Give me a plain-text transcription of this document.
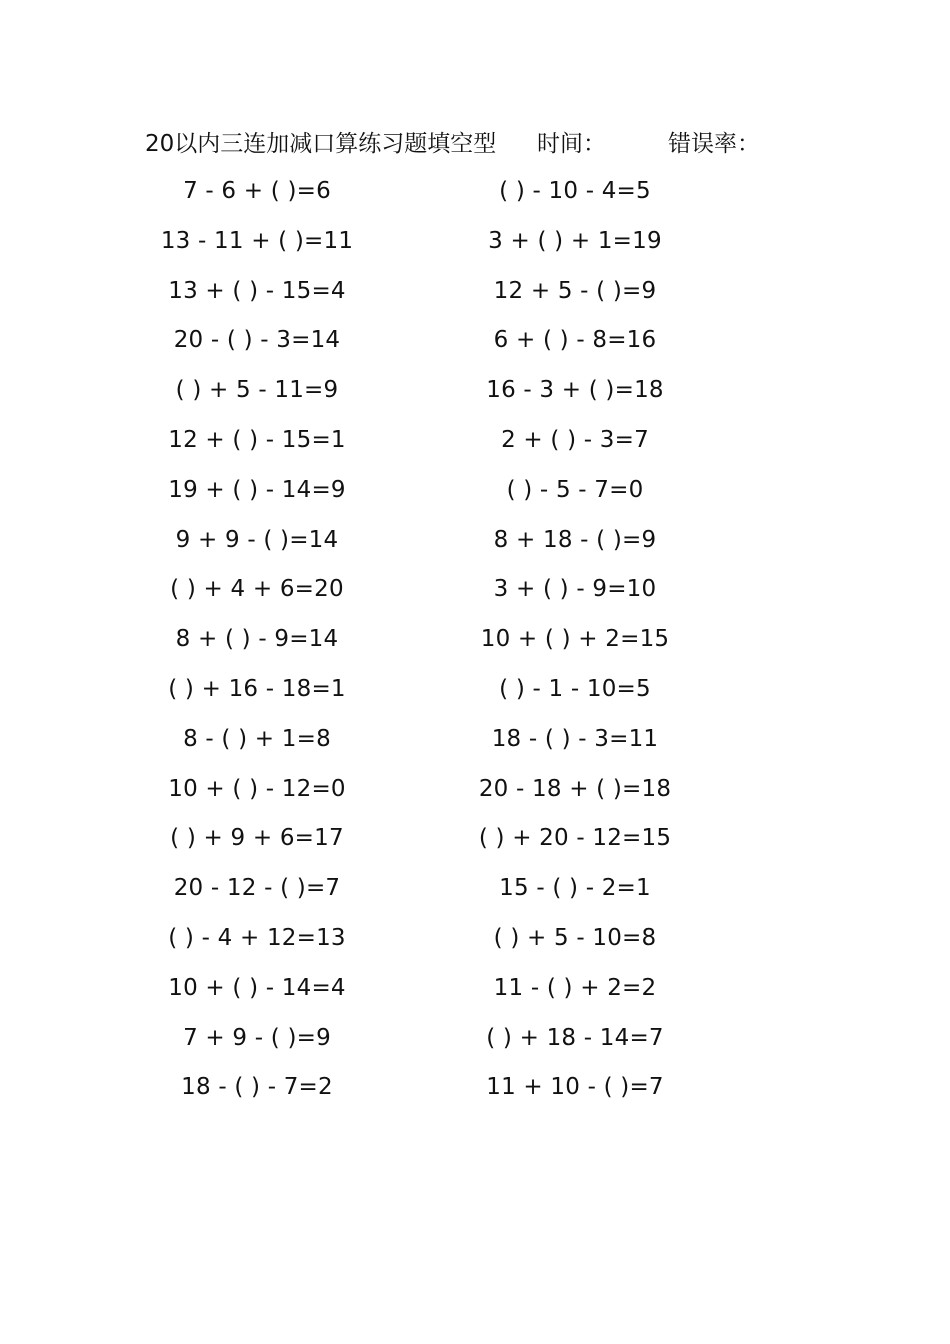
20以内三连加减口算练习题填空型 时间：	错误率：
7 - 6 + ( )=6
13 - 11 + ( )=11
13 + ( ) - 15=4
20 - ( ) - 3=14
( ) + 5 - 11=9
12 + ( ) - 15=1
19 + ( ) - 14=9
9 + 9 - ( )=14
( ) + 4 + 6=20
8 + ( ) - 9=14
( ) + 16 - 18=1
8 - ( ) + 1=8
10 + ( ) - 12=0
( ) + 9 + 6=17
20 - 12 - ( )=7
( ) - 4 + 12=13
10 + ( ) - 14=4
7 + 9 - ( )=9
18 - ( ) - 7=2
( ) - 10 - 4=5
3 + ( ) + 1=19
12 + 5 - ( )=9
6 + ( ) - 8=16
16 - 3 + ( )=18
2 + ( ) - 3=7
( ) - 5 - 7=0
8 + 18 - ( )=9
3 + ( ) - 9=10
10 + ( ) + 2=15
( ) - 1 - 10=5
18 - ( ) - 3=11
20 - 18 + ( )=18
( ) + 20 - 12=15
15 - ( ) - 2=1
( ) + 5 - 10=8
11 - ( ) + 2=2
( ) + 18 - 14=7
11 + 10 - ( )=7
